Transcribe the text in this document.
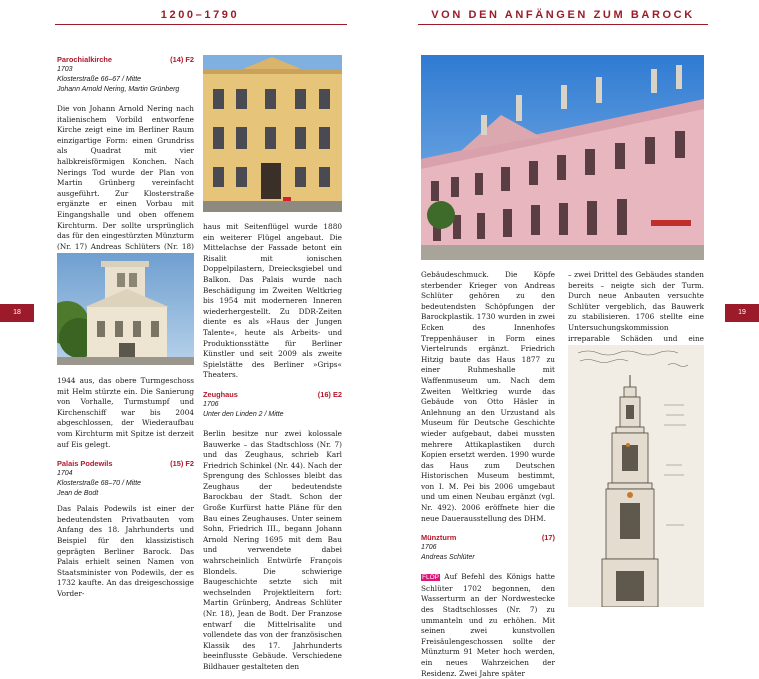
1200–1790	VON DEN ANFÄNGEN ZUM BAROCK
18	19
Parochialkirche	(14) F2
1703
Klosterstraße 66–67 / Mitte
Johann Arnold Nering, Martin Grünberg

Die von Johann Arnold Nering nach italienischem Vorbild entworfene Kirche zeigt eine im Berliner Raum einzigartige Form: einen Grundriss als Quadrat mit vier halbkreisförmigen Konchen. Nach Nerings Tod wurde der Plan von Martin Grünberg vereinfacht ausgeführt. Zur Klosterstraße ergänzte er einen Vorbau mit Eingangshalle und oben offenem Kirchturm. Der sollte ursprünglich das für den eingestürzten Münzturm (Nr. 17) Andreas Schlüters (Nr. 18)

1944 aus, das obere Turmgeschoss mit Helm stürzte ein. Die Sanierung von Vorhalle, Turmstumpf und Kirchenschiff war bis 2004 abgeschlossen, der Wiederaufbau vom Kirchturm mit Spitze ist derzeit auf Eis gelegt.

Palais Podewils	(15) F2
1704
Klosterstraße 68–70 / Mitte
Jean de Bodt

Das Palais Podewils ist einer der bedeutendsten Privatbauten vom Anfang des 18. Jahrhunderts und Beispiel für den klassizistisch geprägten Berliner Barock. Das Palais erhielt seinen Namen von Staatsminister von Podewils, der es 1732 kaufte. An das dreigeschossige Vorder-

haus mit Seitenflügel wurde 1880 ein weiterer Flügel angebaut. Die Mittelachse der Fassade betont ein Risalit mit ionischen Doppelpilastern, Dreiecksgiebel und Balkon. Das Palais wurde nach Beschädigung im Zweiten Weltkrieg bis 1954 mit moderneren Inneren wiederhergestellt. Zu DDR-Zeiten diente es als »Haus der Jungen Talente«, heute als Arbeits- und Produktionsstätte für Berliner Künstler und seit 2009 als zweite Spielstätte des Berliner »Grips« Theaters.

Zeughaus	(16) E2
1706
Unter den Linden 2 / Mitte

Berlin besitze nur zwei kolossale Bauwerke – das Stadtschloss (Nr. 7) und das Zeughaus, schrieb Karl Friedrich Schinkel (Nr. 44). Nach der Sprengung des Schlosses bleibt das Zeughaus der bedeutendste Barockbau der Stadt. Schon der Große Kurfürst hatte Pläne für den Bau eines Zeughauses. Unter seinem Sohn, Friedrich III., begann Johann Arnold Nering 1695 mit dem Bau und verwendete dabei wahrscheinlich Entwürfe François Blondels. Die schwierige Baugeschichte setzte sich mit wechselnden Projektleitern fort: Martin Grünberg, Andreas Schlüter (Nr. 18), Jean de Bodt. Der Franzose entwarf die Mittelrisalite und vollendete das von der französischen Klassik des 17. Jahrhunderts beeinflusste Gebäude. Verschiedene Bildhauer gestalteten den

Gebäudeschmuck. Die Köpfe sterbender Krieger von Andreas Schlüter gehören zu den bedeutendsten Schöpfungen der Barockplastik. 1730 wurden in zwei Ecken des Innenhofes Treppenhäuser in Form eines Viertelrunds ergänzt. Friedrich Hitzig baute das Haus 1877 zu einer Ruhmeshalle mit Waffenmuseum um. Nach dem Zweiten Weltkrieg wurde das Gebäude von Otto Häsler in Anlehnung an den Urzustand als Museum für Deutsche Geschichte wieder aufgebaut, dabei mussten mehrere Attikaplastiken durch Kopien ersetzt werden. 1990 wurde das Haus zum Deutschen Historischen Museum bestimmt, von I. M. Pei bis 2006 umgebaut und um einen Neubau ergänzt (vgl. Nr. 492). 2006 eröffnete hier die neue Dauerausstellung des DHM.

Münzturm	(17)
1706
Andreas Schlüter

FLOP Auf Befehl des Königs hatte Schlüter 1702 begonnen, den Wasserturm an der Nordwestecke des Stadtschlosses (Nr. 7) zu ummanteln und zu erhöhen. Mit seinen zwei kunstvollen Freisäulengeschossen sollte der Münzturm 91 Meter hoch werden, ein neues Wahrzeichen der Residenz. Zwei Jahre später

– zwei Drittel des Gebäudes standen bereits – neigte sich der Turm. Durch neue Anbauten versuchte Schlüter vergeblich, das Bauwerk zu stabilisieren. 1706 stellte eine Untersuchungskommission irreparable Schäden und eine
